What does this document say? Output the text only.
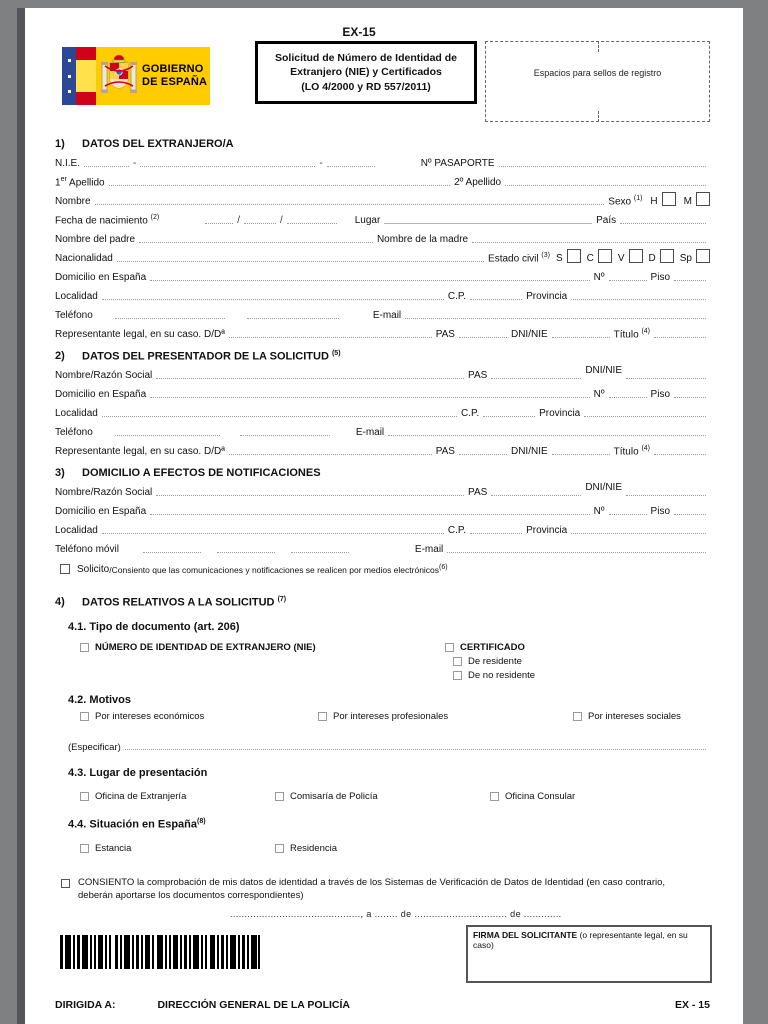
EX-15
GOBIERNO
DE ESPAÑA
Solicitud de Número de Identidad de Extranjero (NIE) y Certificados
(LO 4/2000 y RD 557/2011)
Espacios para sellos de registro
1)	DATOS DEL EXTRANJERO/A
N.I.E.	-	-	Nº PASAPORTE
1er Apellido	2º Apellido
Nombre	Sexo $^{(1)}$ H	M
Fecha de nacimiento $^{(2)}$	/	/	Lugar	País
Nombre del padre	Nombre de la madre
Nacionalidad	Estado civil $^{(3)}$ S C V D Sp
Domicilio en España	Nº	Piso
Localidad	C.P.	Provincia
Teléfono	E-mail
Representante legal, en su caso. D/Dª	PAS	DNI/NIE	Título $^{(4)}$
2)	DATOS DEL PRESENTADOR DE LA SOLICITUD $^{(5)}$
Nombre/Razón Social	PAS	DNI/NIE
Domicilio en España	Nº	Piso
Localidad	C.P.	Provincia
Teléfono	E-mail
Representante legal, en su caso. D/Dª	PAS	DNI/NIE	Título $^{(4)}$
3)	DOMICILIO A EFECTOS DE NOTIFICACIONES
Nombre/Razón Social	PAS	DNI/NIE
Domicilio en España	Nº	Piso
Localidad	C.P.	Provincia
Teléfono móvil	E-mail
Solicito /Consiento que las comunicaciones y notificaciones se realicen por medios electrónicos$^{(6)}$
4)	DATOS RELATIVOS A LA SOLICITUD $^{(7)}$
4.1. Tipo de documento (art. 206)
NÚMERO DE IDENTIDAD DE EXTRANJERO (NIE)	CERTIFICADO
De residente
De no residente
4.2. Motivos
Por intereses económicos	Por intereses profesionales	Por intereses sociales
(Especificar)
4.3. Lugar de presentación
Oficina de Extranjería	Comisaría de Policía	Oficina Consular
4.4. Situación en España$^{(8)}$
Estancia	Residencia
CONSIENTO la comprobación de mis datos de identidad a través de los Sistemas de Verificación de Datos de Identidad (en caso contrario, deberán aportarse los documentos correspondientes)
............................................., a ........ de ................................ de .............
FIRMA DEL SOLICITANTE (o representante legal, en su caso)
DIRIGIDA A:	DIRECCIÓN GENERAL DE LA POLICÍA	EX - 15
